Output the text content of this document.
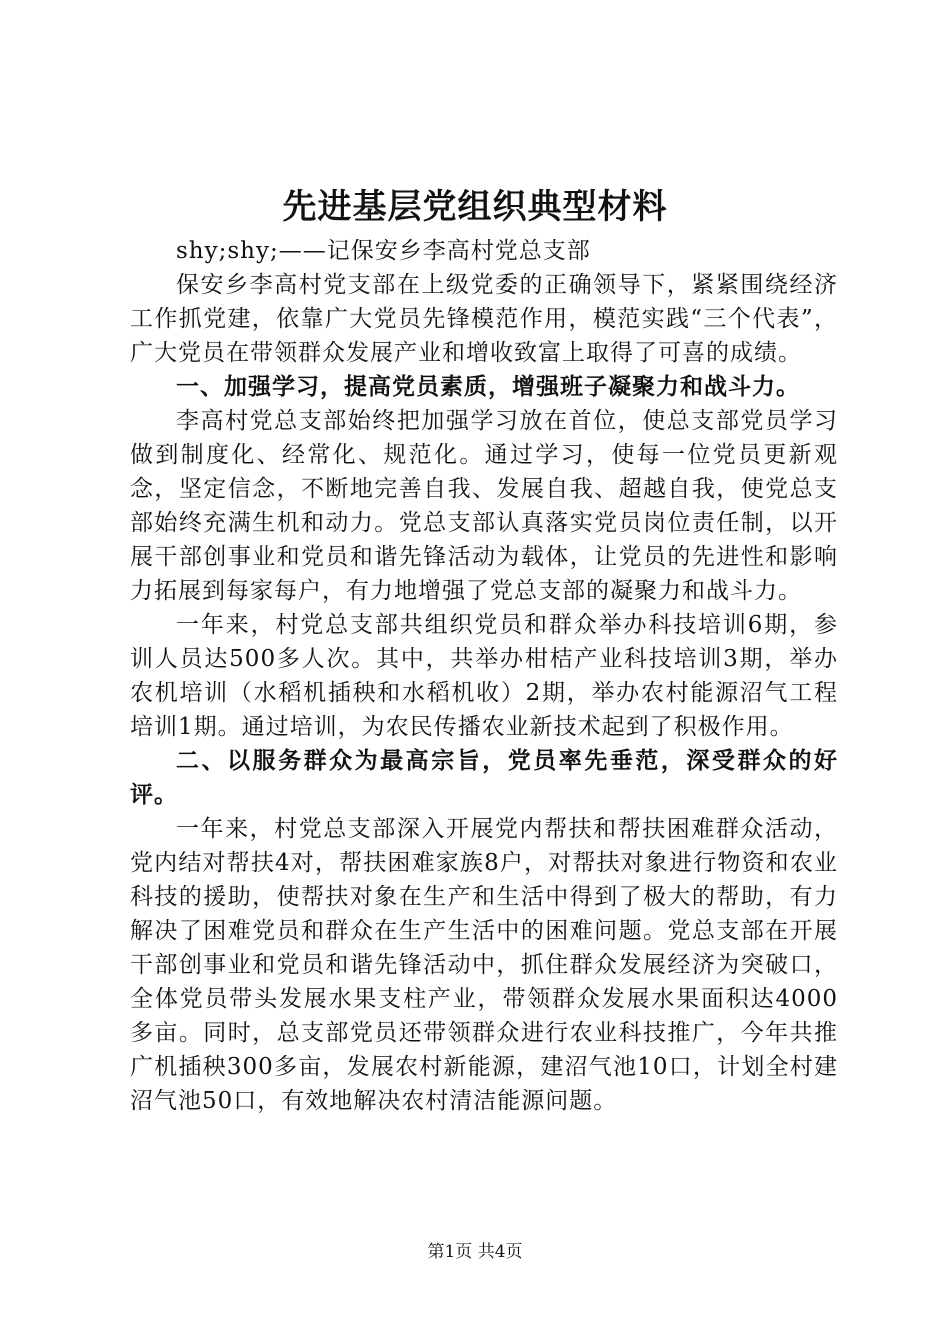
先进基层党组织典型材料

shy;shy;——记保安乡李高村党总支部

保安乡李高村党支部在上级党委的正确领导下，紧紧围绕经济工作抓党建，依靠广大党员先锋模范作用，模范实践“三个代表”，广大党员在带领群众发展产业和增收致富上取得了可喜的成绩。

一、加强学习，提高党员素质，增强班子凝聚力和战斗力。

李高村党总支部始终把加强学习放在首位，使总支部党员学习做到制度化、经常化、规范化。通过学习，使每一位党员更新观念，坚定信念，不断地完善自我、发展自我、超越自我，使党总支部始终充满生机和动力。党总支部认真落实党员岗位责任制，以开展干部创事业和党员和谐先锋活动为载体，让党员的先进性和影响力拓展到每家每户，有力地增强了党总支部的凝聚力和战斗力。

一年来，村党总支部共组织党员和群众举办科技培训6期，参训人员达500多人次。其中，共举办柑桔产业科技培训3期，举办农机培训（水稻机插秧和水稻机收）2期，举办农村能源沼气工程培训1期。通过培训，为农民传播农业新技术起到了积极作用。

二、以服务群众为最高宗旨，党员率先垂范，深受群众的好评。

一年来，村党总支部深入开展党内帮扶和帮扶困难群众活动，党内结对帮扶4对，帮扶困难家族8户，对帮扶对象进行物资和农业科技的援助，使帮扶对象在生产和生活中得到了极大的帮助，有力解决了困难党员和群众在生产生活中的困难问题。党总支部在开展干部创事业和党员和谐先锋活动中，抓住群众发展经济为突破口，全体党员带头发展水果支柱产业，带领群众发展水果面积达4000多亩。同时，总支部党员还带领群众进行农业科技推广，今年共推广机插秧300多亩，发展农村新能源，建沼气池10口，计划全村建沼气池50口，有效地解决农村清洁能源问题。

第1页 共4页
